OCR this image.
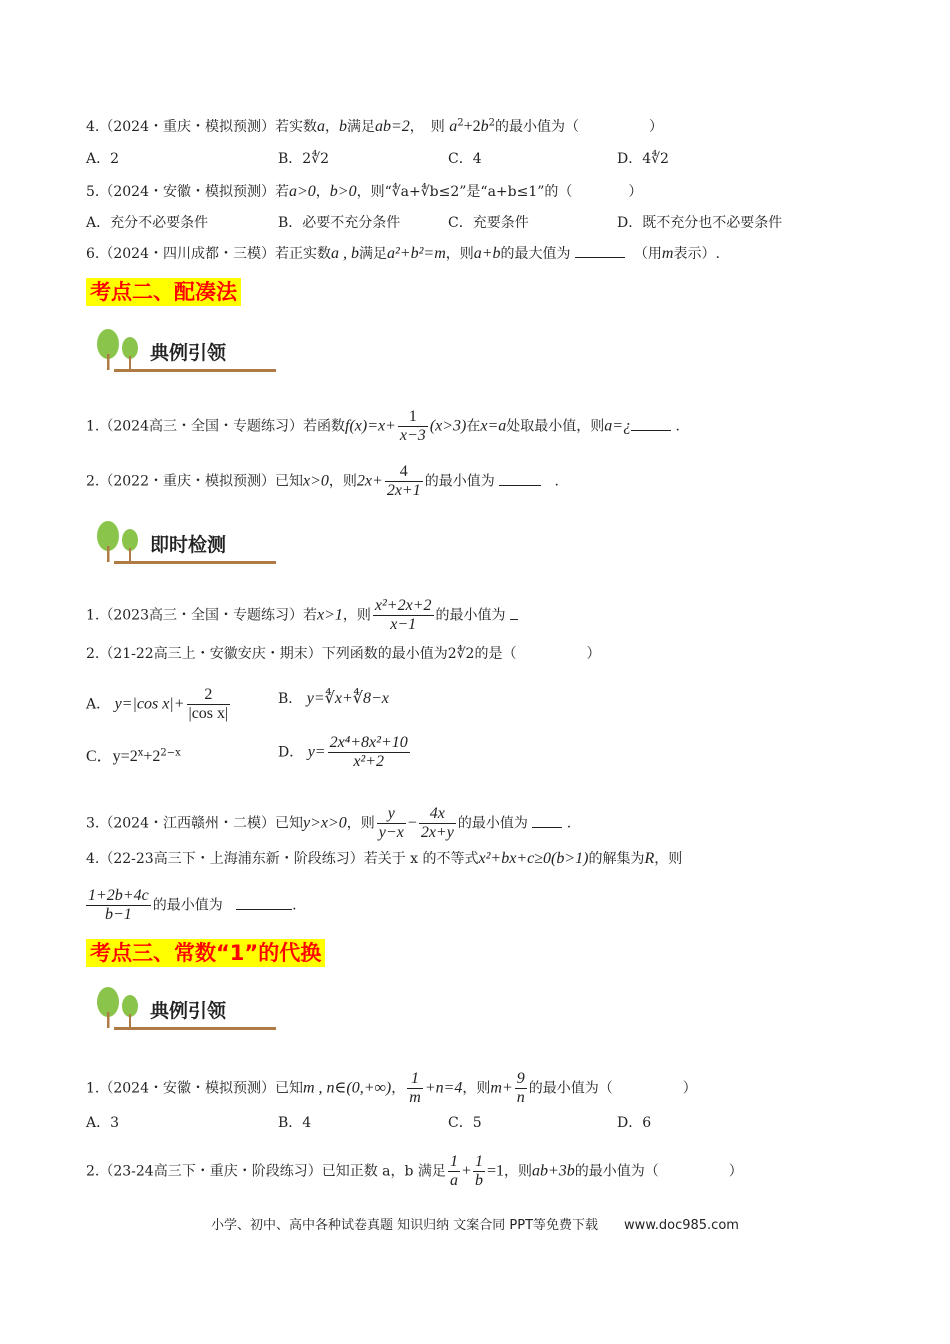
4.（2024・重庆・模拟预测）若实数a，b满足ab=2，　则 $a^2+2b^2$的最小值为（　　　　　）
A．2	B．2∜2	C．4	D．4∜2
5.（2024・安徽・模拟预测）若a>0，b>0，则“∜a+∜b≤2”是“a+b≤1”的（　　　　）
A．充分不必要条件	B．必要不充分条件	C．充要条件	D．既不充分也不必要条件
6.（2024・四川成都・三模）若正实数a , b满足a²+b²=m，则a+b的最大值为	（用m表示）.
考点二、配凑法
典例引领
1.（2024高三・全国・专题练习）若函数$f(x)=x+ \frac{1}{x-3} (x>3)$在x=a处取最小值，则a=¿	.
2.（2022・重庆・模拟预测）已知x>0，则$2x+ \frac{4}{2x+1}$ 的最小值为	.
即时检测
1.（2023高三・全国・专题练习）若x>1，则 $\frac{\text{x²+2x+2}}{x-1}$ 的最小值为
2.（21-22高三上・安徽安庆・期末）下列函数的最小值为2∜2的是（　　　　　）
A． y=|cos $x|+ \frac{2}{\text{|cos x|}}$	B． y=∜x+∜8−x
C．$y=2^x+2^{2-x}$	D． $y= \frac{\text{2x⁴+8x²+10}}{\text{x²+2}}$
3.（2024・江西赣州・二模）已知y>x>0，则 $\frac{y}{y-x} - \frac{4x}{2x+y}$ 的最小值为	.
4.（22-23高三下・上海浦东新・阶段练习）若关于 x 的不等式x²+bx+c≥0(b>1)的解集为R，则
$\frac{1+2b+4c}{b-1}$ 的最小值为	.
考点三、常数“1”的代换
典例引领
1.（2024・安徽・模拟预测）已知m , n∈(0,+∞)， $\frac{1}{m} +n=4$，则$m+ \frac{9}{n}$ 的最小值为（　　　　　）
A．3	B．4	C．5	D．6
2.（23-24高三下・重庆・阶段练习）已知正数 a，b 满足 $\frac{1}{a} + \frac{1}{b} =1$，则ab+3b的最小值为（　　　　　）
小学、初中、高中各种试卷真题 知识归纳 文案合同 PPT等免费下载　　www.doc985.com
